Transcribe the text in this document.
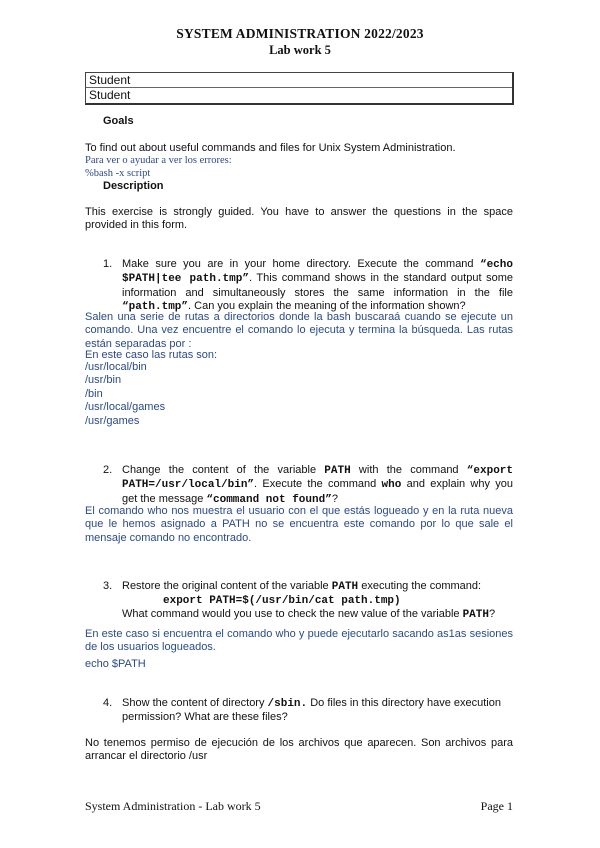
SYSTEM ADMINISTRATION 2022/2023
Lab work 5
Student
Student
Goals
To find out about useful commands and files for Unix System Administration.
Para ver o ayudar a ver los errores:
%bash -x script
Description
This exercise is strongly guided. You have to answer the questions in the space provided in this form.
1. Make sure you are in your home directory. Execute the command “echo $PATH|tee path.tmp”. This command shows in the standard output some information and simultaneously stores the same information in the file “path.tmp”. Can you explain the meaning of the information shown?
Salen una serie de rutas a directorios donde la bash buscaraá cuando se ejecute un comando. Una vez encuentre el comando lo ejecuta y termina la búsqueda. Las rutas están separadas por :
En este caso las rutas son:
/usr/local/bin
/usr/bin
/bin
/usr/local/games
/usr/games
2. Change the content of the variable PATH with the command “export PATH=/usr/local/bin”. Execute the command who and explain why you get the message “command not found”?
El comando who nos muestra el usuario con el que estás logueado y en la ruta nueva que le hemos asignado a PATH no se encuentra este comando por lo que sale el mensaje comando no encontrado.
3. Restore the original content of the variable PATH executing the command:
export PATH=$(/usr/bin/cat path.tmp)
What command would you use to check the new value of the variable PATH?
En este caso si encuentra el comando who y puede ejecutarlo sacando as1as sesiones de los usuarios logueados.
echo $PATH
4. Show the content of directory /sbin. Do files in this directory have execution permission? What are these files?
No tenemos permiso de ejecución de los archivos que aparecen. Son archivos para arrancar el directorio /usr
System Administration - Lab work 5	Page 1
